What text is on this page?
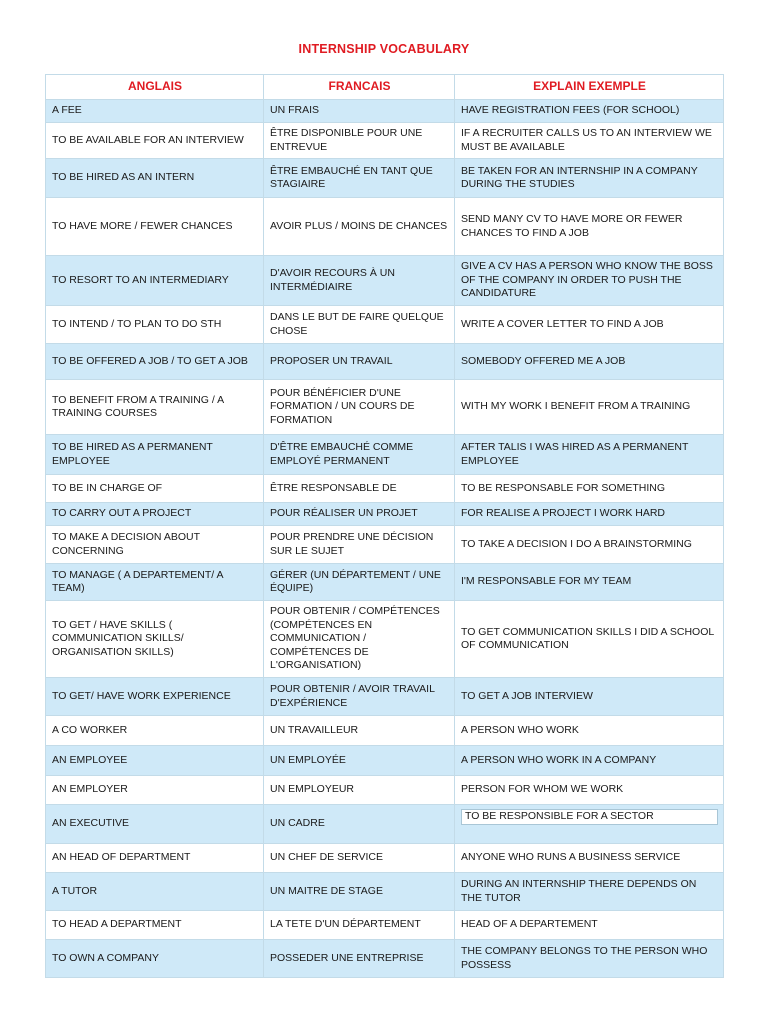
INTERNSHIP VOCABULARY
ANGLAIS	FRANCAIS	EXPLAIN EXEMPLE
A FEE	UN FRAIS	HAVE REGISTRATION FEES (FOR SCHOOL)
TO BE AVAILABLE FOR AN INTERVIEW	ÊTRE DISPONIBLE POUR UNE ENTREVUE	IF A RECRUITER CALLS US TO AN INTERVIEW WE MUST BE AVAILABLE
TO BE HIRED AS AN INTERN	ÊTRE EMBAUCHÉ EN TANT QUE STAGIAIRE	BE TAKEN FOR AN INTERNSHIP IN A COMPANY DURING THE STUDIES
TO HAVE MORE / FEWER CHANCES	AVOIR PLUS / MOINS DE CHANCES	SEND MANY CV TO HAVE MORE OR FEWER CHANCES TO FIND A JOB
TO RESORT TO AN INTERMEDIARY	D'AVOIR RECOURS À UN INTERMÉDIAIRE	GIVE A CV HAS A PERSON WHO KNOW THE BOSS OF THE COMPANY IN ORDER TO PUSH THE CANDIDATURE
TO INTEND / TO PLAN TO DO STH	DANS LE BUT DE FAIRE QUELQUE CHOSE	WRITE A COVER LETTER TO FIND A JOB
TO BE OFFERED A JOB / TO GET A JOB	PROPOSER UN TRAVAIL	SOMEBODY OFFERED ME A JOB
TO BENEFIT FROM A TRAINING / A TRAINING COURSES	POUR BÉNÉFICIER D'UNE FORMATION / UN COURS DE FORMATION	WITH MY WORK I BENEFIT FROM A TRAINING
TO BE HIRED AS A PERMANENT EMPLOYEE	D'ÊTRE EMBAUCHÉ COMME EMPLOYÉ PERMANENT	AFTER TALIS I WAS HIRED AS A PERMANENT EMPLOYEE
TO BE IN CHARGE OF	ÊTRE RESPONSABLE DE	TO BE RESPONSABLE FOR SOMETHING
TO CARRY OUT A PROJECT	POUR RÉALISER UN PROJET	FOR REALISE A PROJECT I WORK HARD
TO MAKE A DECISION ABOUT CONCERNING	POUR PRENDRE UNE DÉCISION SUR LE SUJET	TO TAKE A DECISION I DO A BRAINSTORMING
TO MANAGE ( A DEPARTEMENT/ A TEAM)	GÉRER (UN DÉPARTEMENT / UNE ÉQUIPE)	I'M RESPONSABLE FOR MY TEAM
TO GET / HAVE SKILLS ( COMMUNICATION SKILLS/ ORGANISATION SKILLS)	POUR OBTENIR / COMPÉTENCES (COMPÉTENCES EN COMMUNICATION / COMPÉTENCES DE L'ORGANISATION)	TO GET COMMUNICATION SKILLS I DID A SCHOOL OF COMMUNICATION
TO GET/ HAVE WORK EXPERIENCE	POUR OBTENIR / AVOIR TRAVAIL D'EXPÉRIENCE	TO GET A JOB INTERVIEW
A CO WORKER	UN TRAVAILLEUR	A PERSON WHO WORK
AN EMPLOYEE	UN EMPLOYÉE	A PERSON WHO WORK IN A COMPANY
AN EMPLOYER	UN EMPLOYEUR	PERSON FOR WHOM WE WORK
AN EXECUTIVE	UN CADRE	TO BE RESPONSIBLE FOR A SECTOR

AN HEAD OF DEPARTMENT	UN CHEF DE SERVICE	ANYONE WHO RUNS A BUSINESS SERVICE
A TUTOR	UN MAITRE DE STAGE	DURING AN INTERNSHIP THERE DEPENDS ON THE TUTOR
TO HEAD A DEPARTMENT	LA TETE D'UN DÉPARTEMENT	HEAD OF A DEPARTEMENT
TO OWN A COMPANY	POSSEDER UNE ENTREPRISE	THE COMPANY BELONGS TO THE PERSON WHO POSSESS
